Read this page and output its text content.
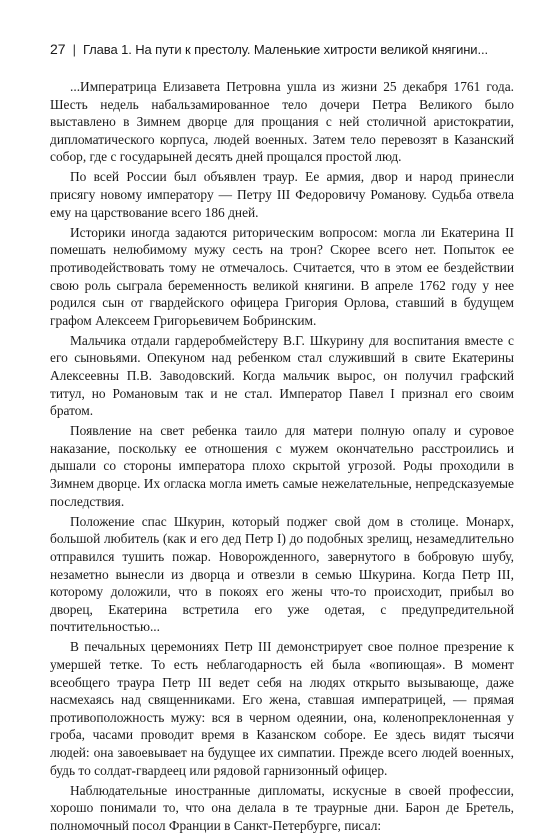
27 | Глава 1. На пути к престолу. Маленькие хитрости великой княгини...

...Императрица Елизавета Петровна ушла из жизни 25 декабря 1761 года. Шесть недель набальзамированное тело дочери Петра Великого было выставлено в Зимнем дворце для прощания с ней столичной аристократии, дипломатического корпуса, людей военных. Затем тело перевозят в Казанский собор, где с государыней десять дней прощался простой люд.

По всей России был объявлен траур. Ее армия, двор и народ принесли присягу новому императору — Петру III Федоровичу Романову. Судьба отвела ему на царствование всего 186 дней.

Историки иногда задаются риторическим вопросом: могла ли Екатерина II помешать нелюбимому мужу сесть на трон? Скорее всего нет. Попыток ее противодействовать тому не отмечалось. Считается, что в этом ее бездействии свою роль сыграла беременность великой княгини. В апреле 1762 году у нее родился сын от гвардейского офицера Григория Орлова, ставший в будущем графом Алексеем Григорьевичем Бобринским.

Мальчика отдали гардеробмейстеру В.Г. Шкурину для воспитания вместе с его сыновьями. Опекуном над ребенком стал служивший в свите Екатерины Алексеевны П.В. Заводовский. Когда мальчик вырос, он получил графский титул, но Романовым так и не стал. Император Павел I признал его своим братом.

Появление на свет ребенка таило для матери полную опалу и суровое наказание, поскольку ее отношения с мужем окончательно расстроились и дышали со стороны императора плохо скрытой угрозой. Роды проходили в Зимнем дворце. Их огласка могла иметь самые нежелательные, непредсказуемые последствия.

Положение спас Шкурин, который поджег свой дом в столице. Монарх, большой любитель (как и его дед Петр I) до подобных зрелищ, незамедлительно отправился тушить пожар. Новорожденного, завернутого в бобровую шубу, незаметно вынесли из дворца и отвезли в семью Шкурина. Когда Петр III, которому доложили, что в покоях его жены что-то происходит, прибыл во дворец, Екатерина встретила его уже одетая, с предупредительной почтительностью...

В печальных церемониях Петр III демонстрирует свое полное презрение к умершей тетке. То есть неблагодарность ей была «вопиющая». В момент всеобщего траура Петр III ведет себя на людях открыто вызывающе, даже насмехаясь над священниками. Его жена, ставшая императрицей, — прямая противоположность мужу: вся в черном одеянии, она, коленопреклоненная у гроба, часами проводит время в Казанском соборе. Ее здесь видят тысячи людей: она завоевывает на будущее их симпатии. Прежде всего людей военных, будь то солдат-гвардеец или рядовой гарнизонный офицер.

Наблюдательные иностранные дипломаты, искусные в своей профессии, хорошо понимали то, что она делала в те траурные дни. Барон де Бретель, полномочный посол Франции в Санкт-Петербурге, писал:
